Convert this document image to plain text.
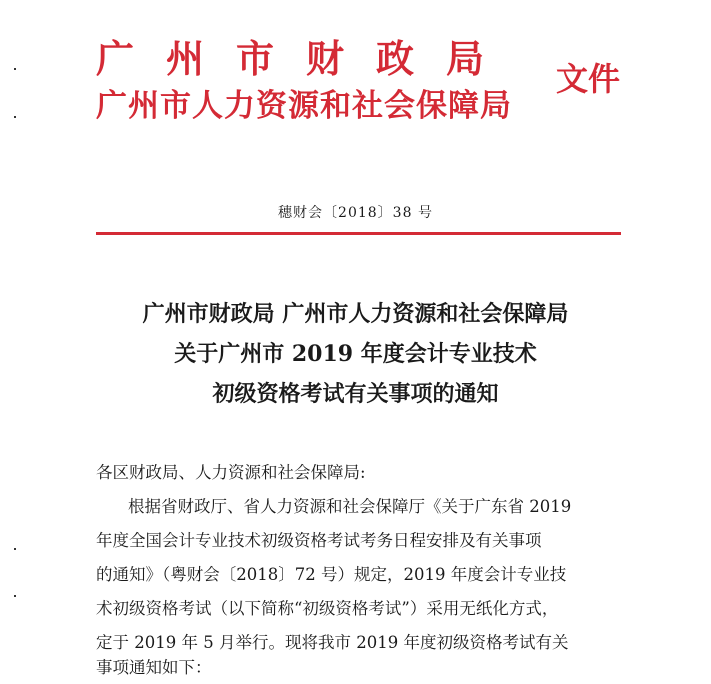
广州市财政局
广州市人力资源和社会保障局
文件
穗财会〔2018〕38 号
广州市财政局 广州市人力资源和社会保障局
关于广州市 2019 年度会计专业技术
初级资格考试有关事项的通知
各区财政局、人力资源和社会保障局:
根据省财政厅、省人力资源和社会保障厅《关于广东省 2019
年度全国会计专业技术初级资格考试考务日程安排及有关事项
的通知》（粤财会〔2018〕72 号）规定，2019 年度会计专业技
术初级资格考试（以下简称“初级资格考试”）采用无纸化方式，
定于 2019 年 5 月举行。现将我市 2019 年度初级资格考试有关
事项通知如下：
